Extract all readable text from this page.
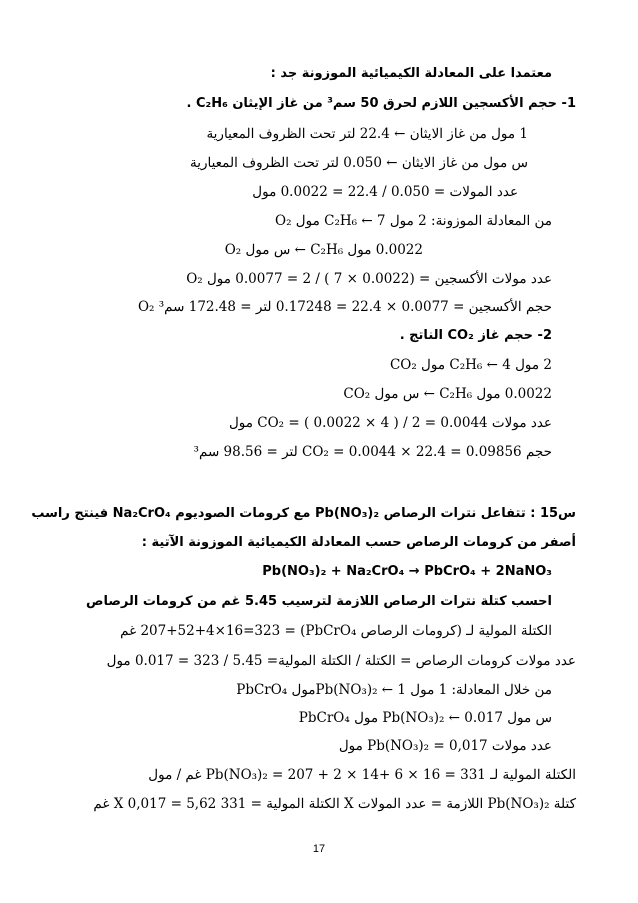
معتمدا على المعادلة الكيميائية الموزونة جد :
1- حجم الأكسجين اللازم لحرق 50 سم³ من غاز الإيثان C₂H₆ .
1 مول من غاز الايثان ← 22.4 لتر تحت الظروف المعيارية
س مول من غاز الايثان ← 0.050 لتر تحت الظروف المعيارية
عدد المولات = 0.050 / 22.4 = 0.0022 مول
من المعادلة الموزونة: 2 مول C₂H₆ ← 7 مول O₂
0.0022 مول C₂H₆ ← س مول O₂
عدد مولات الأكسجين = (0.0022 × 7 ) / 2 = 0.0077 مول O₂
حجم الأكسجين = 0.0077 × 22.4 = 0.17248 لتر = 172.48 سم³ O₂
2- حجم غاز CO₂ الناتج .
2 مول C₂H₆ ← 4 مول CO₂
0.0022 مول C₂H₆ ← س مول CO₂
عدد مولات CO₂ = ( 0.0022 × 4 ) / 2 = 0.0044 مول
حجم CO₂ = 0.0044 × 22.4 = 0.09856 لتر = 98.56 سم³
س15 : تتفاعل نترات الرصاص Pb(NO₃)₂ مع كرومات الصوديوم Na₂CrO₄ فينتج راسب
أصفر من كرومات الرصاص حسب المعادلة الكيميائية الموزونة الآتية :
Pb(NO₃)₂ + Na₂CrO₄ → PbCrO₄ + 2NaNO₃
احسب كتلة نترات الرصاص اللازمة لترسيب 5.45 غم من كرومات الرصاص
الكتلة المولية لـ (كرومات الرصاص PbCrO₄) = 207+52+4×16=323 غم
عدد مولات كرومات الرصاص = الكتلة / الكتلة المولية= 5.45 / 323 = 0.017 مول
من خلال المعادلة: 1 مول Pb(NO₃)₂ ← 1مول PbCrO₄
س مول Pb(NO₃)₂ ← 0.017 مول PbCrO₄
عدد مولات Pb(NO₃)₂ = 0,017 مول
الكتلة المولية لـ Pb(NO₃)₂ = 207 + 2 × 14+ 6 × 16 = 331 غم / مول
كتلة Pb(NO₃)₂ اللازمة = عدد المولات X الكتلة المولية = 331 X 0,017 = 5,62 غم
17
